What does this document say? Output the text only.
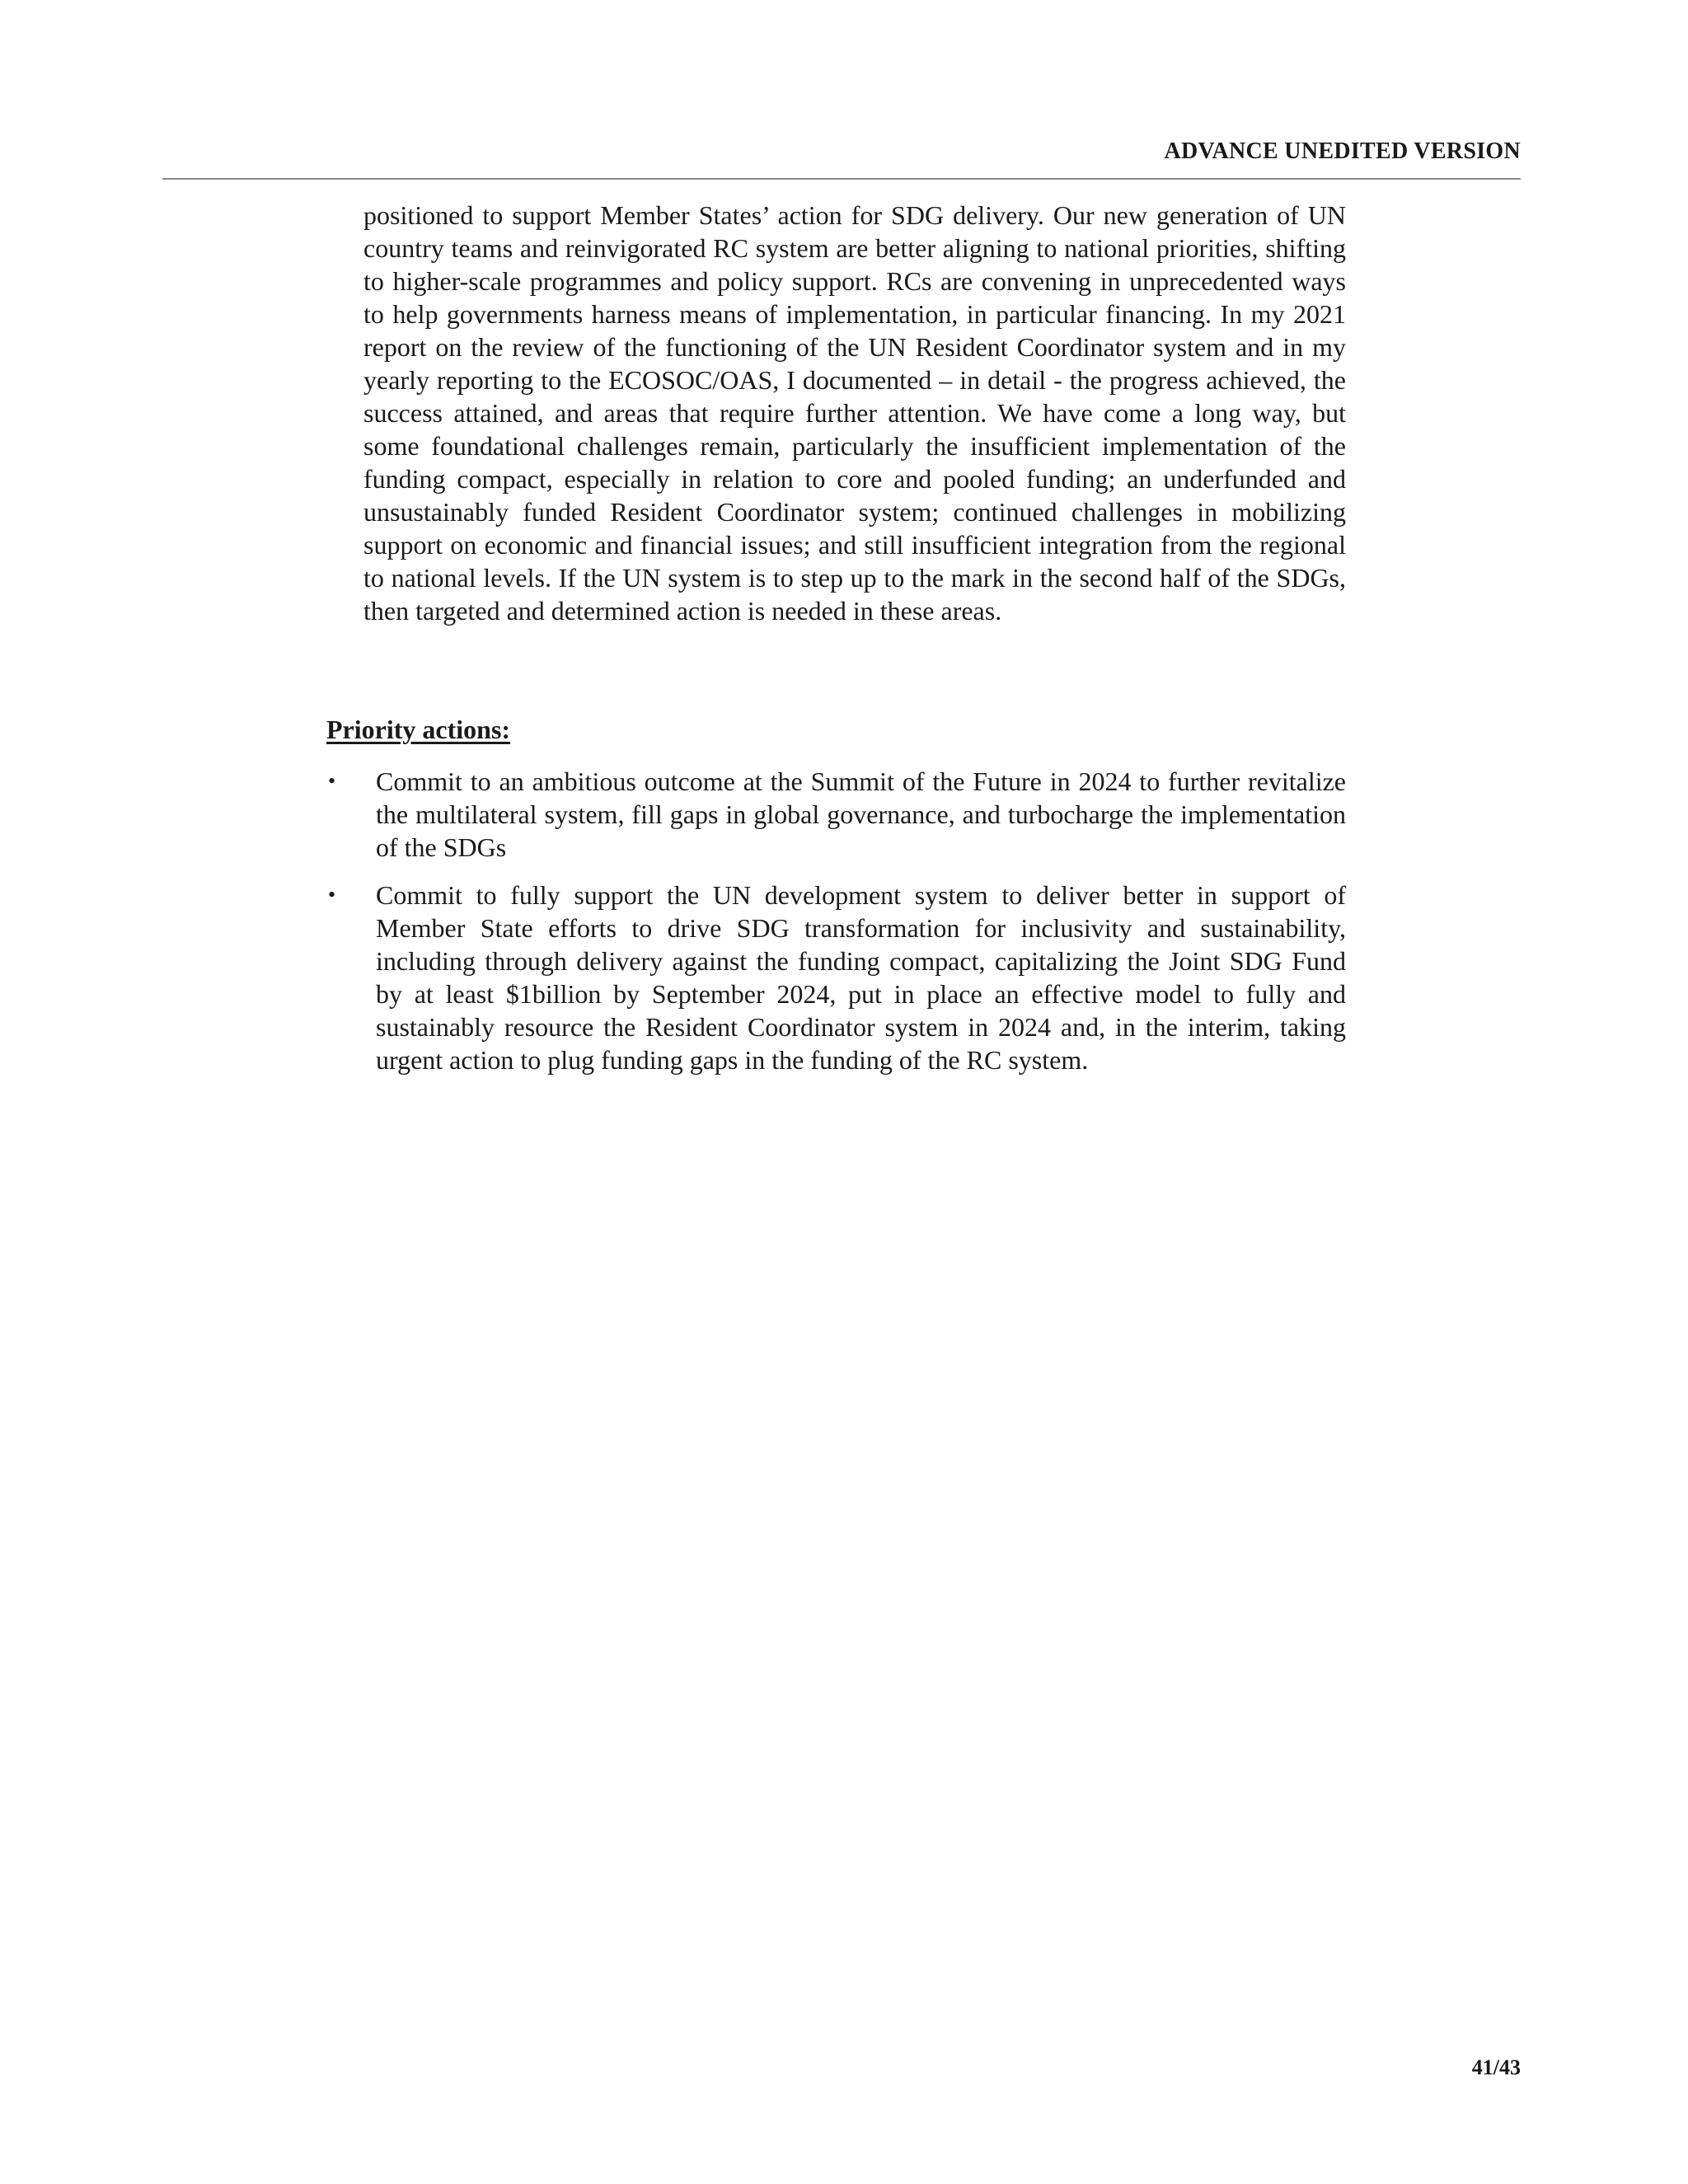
ADVANCE UNEDITED VERSION

positioned to support Member States’ action for SDG delivery. Our new generation of UN country teams and reinvigorated RC system are better aligning to national priorities, shifting to higher-scale programmes and policy support. RCs are convening in unprecedented ways to help governments harness means of implementation, in particular financing. In my 2021 report on the review of the functioning of the UN Resident Coordinator system and in my yearly reporting to the ECOSOC/OAS, I documented – in detail - the progress achieved, the success attained, and areas that require further attention. We have come a long way, but some foundational challenges remain, particularly the insufficient implementation of the funding compact, especially in relation to core and pooled funding; an underfunded and unsustainably funded Resident Coordinator system; continued challenges in mobilizing support on economic and financial issues; and still insufficient integration from the regional to national levels. If the UN system is to step up to the mark in the second half of the SDGs, then targeted and determined action is needed in these areas.

Priority actions:
•	Commit to an ambitious outcome at the Summit of the Future in 2024 to further revitalize the multilateral system, fill gaps in global governance, and turbocharge the implementation of the SDGs
•	Commit to fully support the UN development system to deliver better in support of Member State efforts to drive SDG transformation for inclusivity and sustainability, including through delivery against the funding compact, capitalizing the Joint SDG Fund by at least $1billion by September 2024, put in place an effective model to fully and sustainably resource the Resident Coordinator system in 2024 and, in the interim, taking urgent action to plug funding gaps in the funding of the RC system.
41/43
